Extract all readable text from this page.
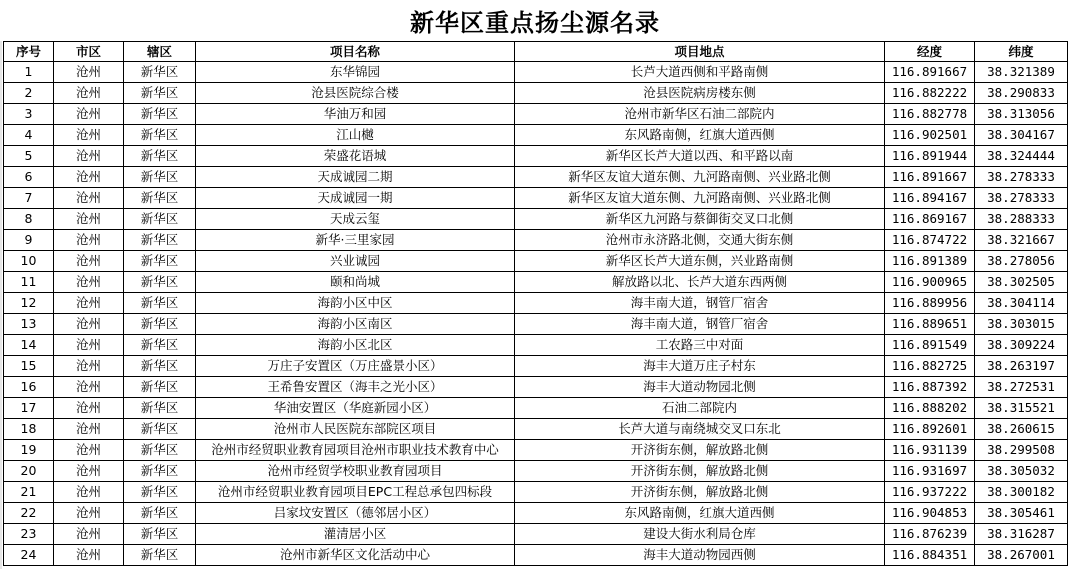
新华区重点扬尘源名录
序号	市区	辖区	项目名称	项目地点	经度	纬度
1	沧州	新华区	东华锦园	长芦大道西侧和平路南侧	116.891667	38.321389
2	沧州	新华区	沧县医院综合楼	沧县医院病房楼东侧	116.882222	38.290833
3	沧州	新华区	华油万和园	沧州市新华区石油二部院内	116.882778	38.313056
4	沧州	新华区	江山樾	东风路南侧，红旗大道西侧	116.902501	38.304167
5	沧州	新华区	荣盛花语城	新华区长芦大道以西、和平路以南	116.891944	38.324444
6	沧州	新华区	天成诚园二期	新华区友谊大道东侧、九河路南侧、兴业路北侧	116.891667	38.278333
7	沧州	新华区	天成诚园一期	新华区友谊大道东侧、九河路南侧、兴业路北侧	116.894167	38.278333
8	沧州	新华区	天成云玺	新华区九河路与蔡御街交叉口北侧	116.869167	38.288333
9	沧州	新华区	新华·三里家园	沧州市永济路北侧，交通大街东侧	116.874722	38.321667
10	沧州	新华区	兴业诚园	新华区长芦大道东侧，兴业路南侧	116.891389	38.278056
11	沧州	新华区	颐和尚城	解放路以北、长芦大道东西两侧	116.900965	38.302505
12	沧州	新华区	海韵小区中区	海丰南大道，钢管厂宿舍	116.889956	38.304114
13	沧州	新华区	海韵小区南区	海丰南大道，钢管厂宿舍	116.889651	38.303015
14	沧州	新华区	海韵小区北区	工农路三中对面	116.891549	38.309224
15	沧州	新华区	万庄子安置区（万庄盛景小区）	海丰大道万庄子村东	116.882725	38.263197
16	沧州	新华区	王希鲁安置区（海丰之光小区）	海丰大道动物园北侧	116.887392	38.272531
17	沧州	新华区	华油安置区（华庭新园小区）	石油二部院内	116.888202	38.315521
18	沧州	新华区	沧州市人民医院东部院区项目	长芦大道与南绕城交叉口东北	116.892601	38.260615
19	沧州	新华区	沧州市经贸职业教育园项目沧州市职业技术教育中心	开济街东侧，解放路北侧	116.931139	38.299508
20	沧州	新华区	沧州市经贸学校职业教育园项目	开济街东侧，解放路北侧	116.931697	38.305032
21	沧州	新华区	沧州市经贸职业教育园项目EPC工程总承包四标段	开济街东侧，解放路北侧	116.937222	38.300182
22	沧州	新华区	吕家坟安置区（德邻居小区）	东风路南侧，红旗大道西侧	116.904853	38.305461
23	沧州	新华区	灌清居小区	建设大街水利局仓库	116.876239	38.316287
24	沧州	新华区	沧州市新华区文化活动中心	海丰大道动物园西侧	116.884351	38.267001
